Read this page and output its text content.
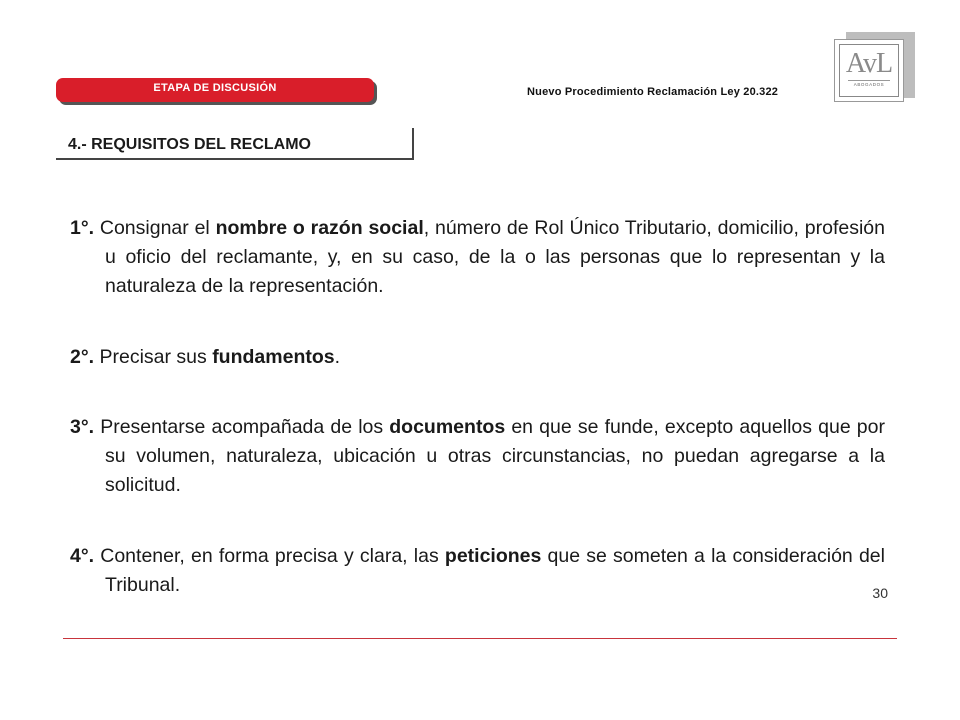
ETAPA DE DISCUSIÓN	Nuevo Procedimiento Reclamación Ley 20.322
AvL
ABOGADOS
4.- REQUISITOS DEL RECLAMO

1°. Consignar el nombre o razón social, número de Rol Único Tributario, domicilio, profesión u oficio del reclamante, y, en su caso, de la o las personas que lo representan y la naturaleza de la representación.

2°. Precisar sus fundamentos.

3°. Presentarse acompañada de los documentos en que se funde, excepto aquellos que por su volumen, naturaleza, ubicación u otras circunstancias, no puedan agregarse a la solicitud.

4°. Contener, en forma precisa y clara, las peticiones que se someten a la consideración del Tribunal.	30
